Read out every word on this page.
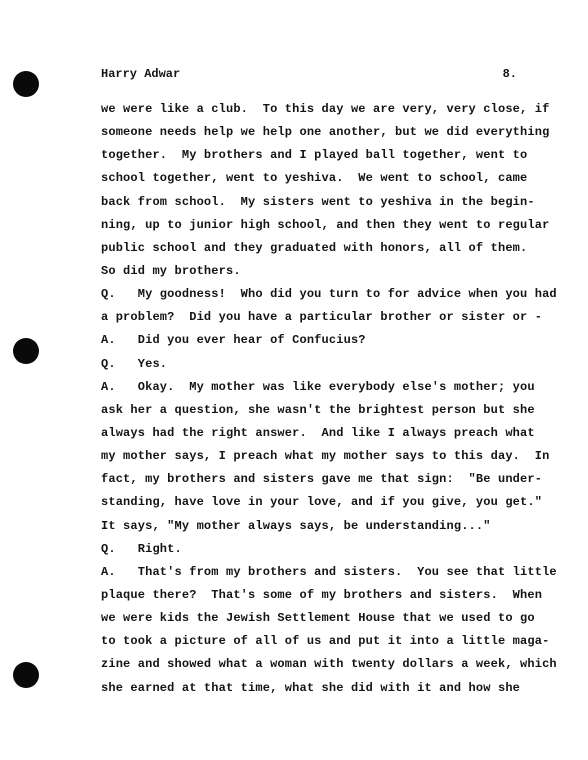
Harry Adwar	8.
we were like a club.  To this day we are very, very close, if
someone needs help we help one another, but we did everything
together.  My brothers and I played ball together, went to
school together, went to yeshiva.  We went to school, came
back from school.  My sisters went to yeshiva in the begin-
ning, up to junior high school, and then they went to regular
public school and they graduated with honors, all of them.
So did my brothers.
Q.   My goodness!  Who did you turn to for advice when you had
a problem?  Did you have a particular brother or sister or -
A.   Did you ever hear of Confucius?
Q.   Yes.
A.   Okay.  My mother was like everybody else's mother; you
ask her a question, she wasn't the brightest person but she
always had the right answer.  And like I always preach what
my mother says, I preach what my mother says to this day.  In
fact, my brothers and sisters gave me that sign:  "Be under-
standing, have love in your love, and if you give, you get."
It says, "My mother always says, be understanding..."
Q.   Right.
A.   That's from my brothers and sisters.  You see that little
plaque there?  That's some of my brothers and sisters.  When
we were kids the Jewish Settlement House that we used to go
to took a picture of all of us and put it into a little maga-
zine and showed what a woman with twenty dollars a week, which
she earned at that time, what she did with it and how she
